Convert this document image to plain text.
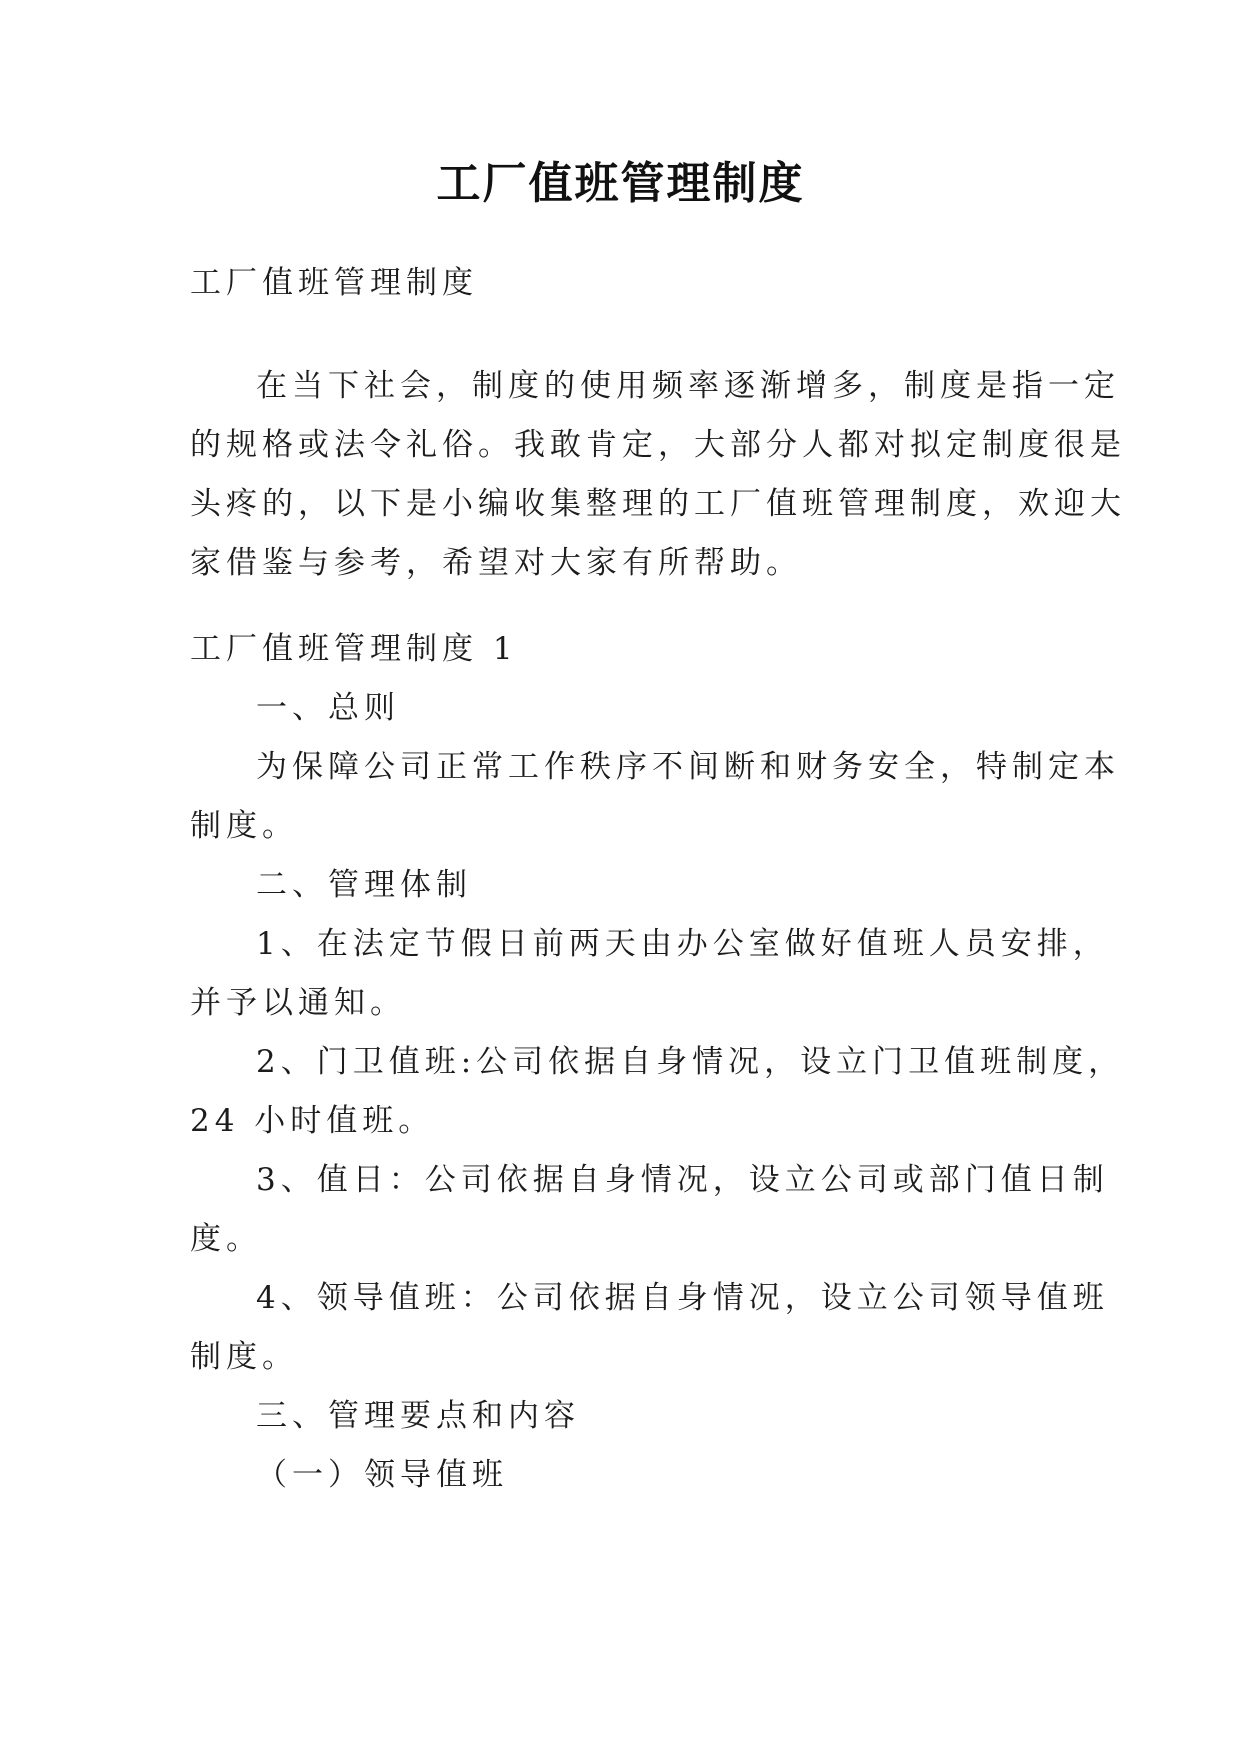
工厂值班管理制度
工厂值班管理制度
在当下社会，制度的使用频率逐渐增多，制度是指一定
的规格或法令礼俗。我敢肯定，大部分人都对拟定制度很是
头疼的，以下是小编收集整理的工厂值班管理制度，欢迎大
家借鉴与参考，希望对大家有所帮助。
工厂值班管理制度 1
一、总则
为保障公司正常工作秩序不间断和财务安全，特制定本
制度。
二、管理体制
1、在法定节假日前两天由办公室做好值班人员安排，
并予以通知。
2、门卫值班:公司依据自身情况，设立门卫值班制度，
24 小时值班。
3、值日：公司依据自身情况，设立公司或部门值日制
度。
4、领导值班：公司依据自身情况，设立公司领导值班
制度。
三、管理要点和内容
（一）领导值班
